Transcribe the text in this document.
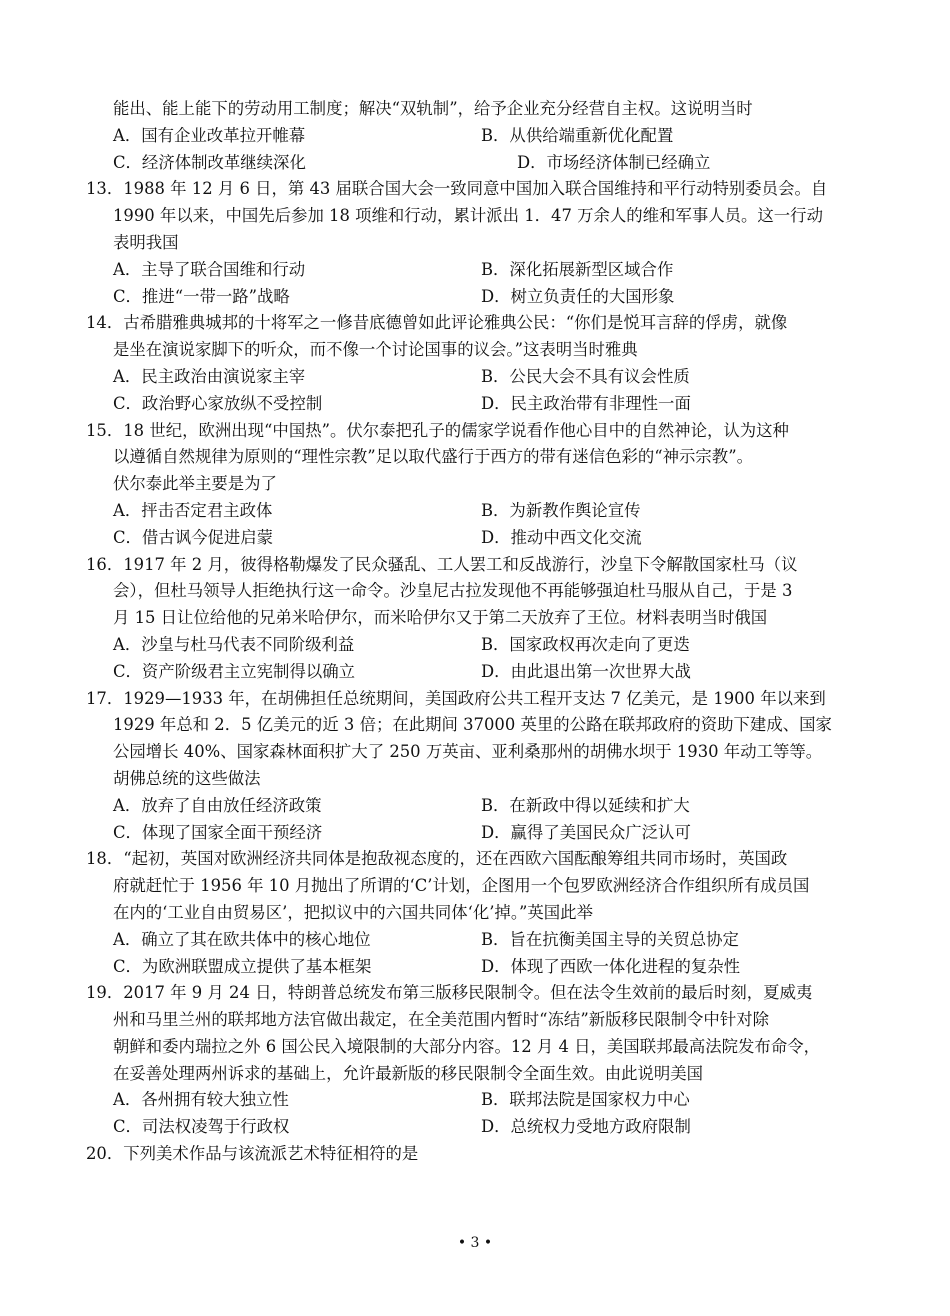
能出、能上能下的劳动用工制度；解决“双轨制”，给予企业充分经营自主权。这说明当时
A．国有企业改革拉开帷幕	B．从供给端重新优化配置
C．经济体制改革继续深化	D．市场经济体制已经确立
13．1988 年 12 月 6 日，第 43 届联合国大会一致同意中国加入联合国维持和平行动特别委员会。自
1990 年以来，中国先后参加 18 项维和行动，累计派出 1．47 万余人的维和军事人员。这一行动
表明我国
A．主导了联合国维和行动	B．深化拓展新型区域合作
C．推进“一带一路”战略	D．树立负责任的大国形象
14．古希腊雅典城邦的十将军之一修昔底德曾如此评论雅典公民：“你们是悦耳言辞的俘虏，就像
是坐在演说家脚下的听众，而不像一个讨论国事的议会。”这表明当时雅典
A．民主政治由演说家主宰	B．公民大会不具有议会性质
C．政治野心家放纵不受控制	D．民主政治带有非理性一面
15．18 世纪，欧洲出现“中国热”。伏尔泰把孔子的儒家学说看作他心目中的自然神论，认为这种
以遵循自然规律为原则的“理性宗教”足以取代盛行于西方的带有迷信色彩的“神示宗教”。
伏尔泰此举主要是为了
A．抨击否定君主政体	B．为新教作舆论宣传
C．借古讽今促进启蒙	D．推动中西文化交流
16．1917 年 2 月，彼得格勒爆发了民众骚乱、工人罢工和反战游行，沙皇下令解散国家杜马（议
会），但杜马领导人拒绝执行这一命令。沙皇尼古拉发现他不再能够强迫杜马服从自己，于是 3
月 15 日让位给他的兄弟米哈伊尔，而米哈伊尔又于第二天放弃了王位。材料表明当时俄国
A．沙皇与杜马代表不同阶级利益	B．国家政权再次走向了更迭
C．资产阶级君主立宪制得以确立	D．由此退出第一次世界大战
17．1929—1933 年，在胡佛担任总统期间，美国政府公共工程开支达 7 亿美元，是 1900 年以来到
1929 年总和 2．5 亿美元的近 3 倍；在此期间 37000 英里的公路在联邦政府的资助下建成、国家
公园增长 40%、国家森林面积扩大了 250 万英亩、亚利桑那州的胡佛水坝于 1930 年动工等等。
胡佛总统的这些做法
A．放弃了自由放任经济政策	B．在新政中得以延续和扩大
C．体现了国家全面干预经济	D．赢得了美国民众广泛认可
18．“起初，英国对欧洲经济共同体是抱敌视态度的，还在西欧六国酝酿筹组共同市场时，英国政
府就赶忙于 1956 年 10 月抛出了所谓的‘C’计划，企图用一个包罗欧洲经济合作组织所有成员国
在内的‘工业自由贸易区’，把拟议中的六国共同体‘化’掉。”英国此举
A．确立了其在欧共体中的核心地位	B．旨在抗衡美国主导的关贸总协定
C．为欧洲联盟成立提供了基本框架	D．体现了西欧一体化进程的复杂性
19．2017 年 9 月 24 日，特朗普总统发布第三版移民限制令。但在法令生效前的最后时刻，夏威夷
州和马里兰州的联邦地方法官做出裁定，在全美范围内暂时“冻结”新版移民限制令中针对除
朝鲜和委内瑞拉之外 6 国公民入境限制的大部分内容。12 月 4 日，美国联邦最高法院发布命令，
在妥善处理两州诉求的基础上，允许最新版的移民限制令全面生效。由此说明美国
A．各州拥有较大独立性	B．联邦法院是国家权力中心
C．司法权凌驾于行政权	D．总统权力受地方政府限制
20．下列美术作品与该流派艺术特征相符的是
• 3 •
